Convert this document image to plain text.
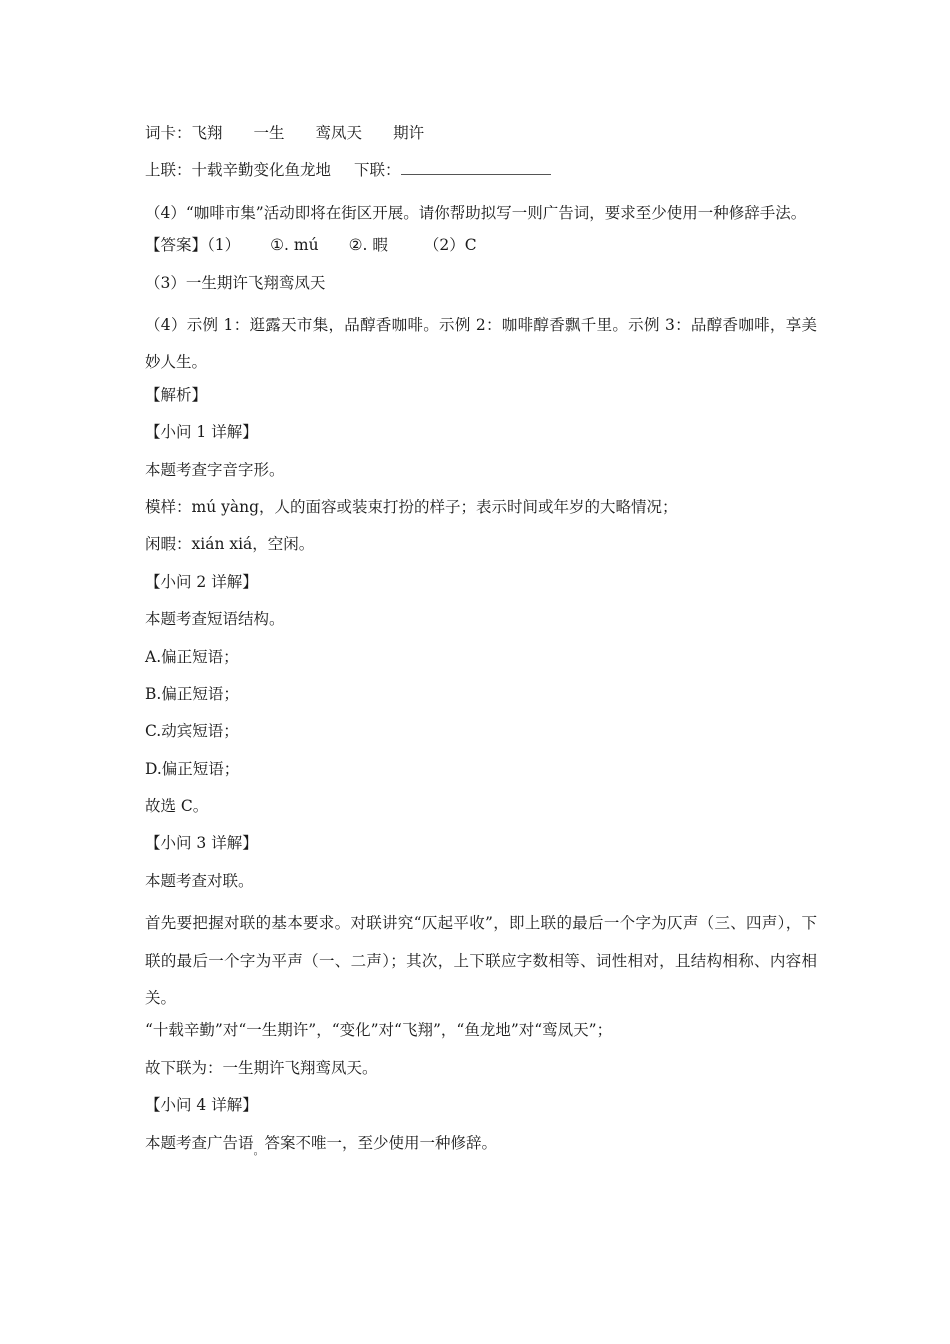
词卡：飞翔 一生 鸾凤天 期许
上联：十载辛勤变化鱼龙地 下联：
（4）“咖啡市集”活动即将在街区开展。请你帮助拟写一则广告词，要求至少使用一种修辞手法。
【答案】（1） ①. mú ②. 暇 （2）C
（3）一生期许飞翔鸾凤天
（4）示例 1：逛露天市集，品醇香咖啡。示例 2：咖啡醇香飘千里。示例 3：品醇香咖啡，享美妙人生。
【解析】
【小问 1 详解】
本题考查字音字形。
模样：mú yàng，人的面容或装束打扮的样子；表示时间或年岁的大略情况；
闲暇：xián xiá，空闲。
【小问 2 详解】
本题考查短语结构。
A.偏正短语；
B.偏正短语；
C.动宾短语；
D.偏正短语；
故选 C。
【小问 3 详解】
本题考查对联。
首先要把握对联的基本要求。对联讲究“仄起平收”，即上联的最后一个字为仄声（三、四声），下联的最后一个字为平声（一、二声）；其次，上下联应字数相等、词性相对，且结构相称、内容相关。
“十载辛勤”对“一生期许”，“变化”对“飞翔”，“鱼龙地”对“鸾凤天”；
故下联为：一生期许飞翔鸾凤天。
【小问 4 详解】
本题考查广告语$_。$答案不唯一，至少使用一种修辞。
